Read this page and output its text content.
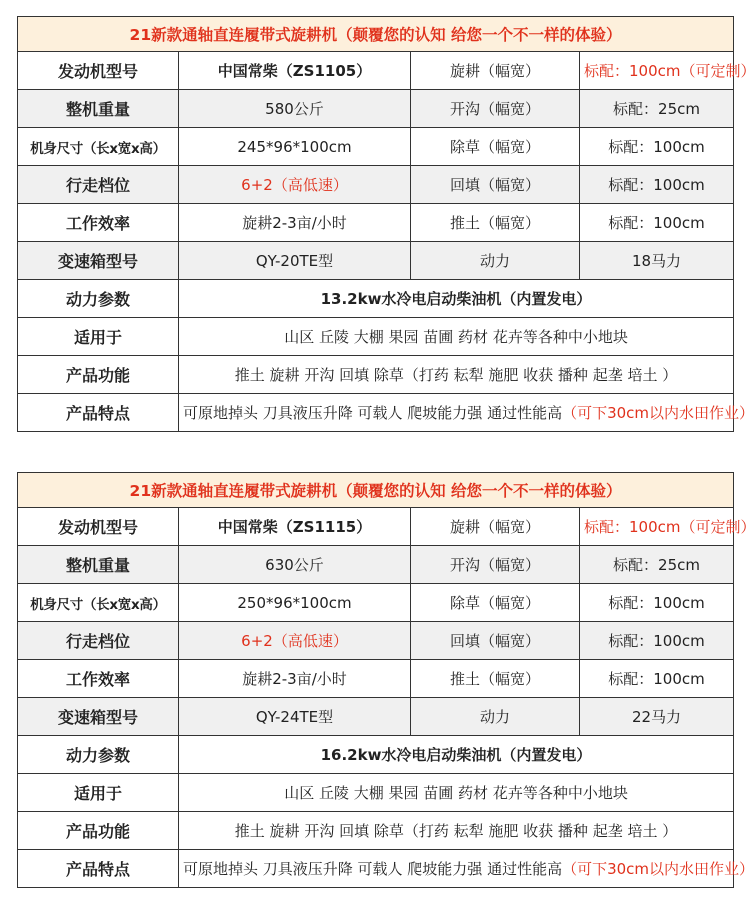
21新款通轴直连履带式旋耕机（颠覆您的认知 给您一个不一样的体验）			
发动机型号	中国常柴（ZS1105）	旋耕（幅宽）	标配：100cm（可定制）
整机重量	580公斤	开沟（幅宽）	标配：25cm
机身尺寸（长x宽x高）	245*96*100cm	除草（幅宽）	标配：100cm
行走档位	6+2（高低速）	回填（幅宽）	标配：100cm
工作效率	旋耕2-3亩/小时	推土（幅宽）	标配：100cm
变速箱型号	QY-20TE型	动力	18马力
动力参数	13.2kw水冷电启动柴油机（内置发电）		
适用于	山区 丘陵 大棚 果园 苗圃 药材 花卉等各种中小地块		
产品功能	推土 旋耕 开沟 回填 除草（打药 耘犁 施肥 收获 播种 起垄 培土 ）		
产品特点	可原地掉头 刀具液压升降 可载人 爬坡能力强 通过性能高（可下30cm以内水田作业）		
21新款通轴直连履带式旋耕机（颠覆您的认知 给您一个不一样的体验）			
发动机型号	中国常柴（ZS1115）	旋耕（幅宽）	标配：100cm（可定制）
整机重量	630公斤	开沟（幅宽）	标配：25cm
机身尺寸（长x宽x高）	250*96*100cm	除草（幅宽）	标配：100cm
行走档位	6+2（高低速）	回填（幅宽）	标配：100cm
工作效率	旋耕2-3亩/小时	推土（幅宽）	标配：100cm
变速箱型号	QY-24TE型	动力	22马力
动力参数	16.2kw水冷电启动柴油机（内置发电）		
适用于	山区 丘陵 大棚 果园 苗圃 药材 花卉等各种中小地块		
产品功能	推土 旋耕 开沟 回填 除草（打药 耘犁 施肥 收获 播种 起垄 培土 ）		
产品特点	可原地掉头 刀具液压升降 可载人 爬坡能力强 通过性能高（可下30cm以内水田作业）		
